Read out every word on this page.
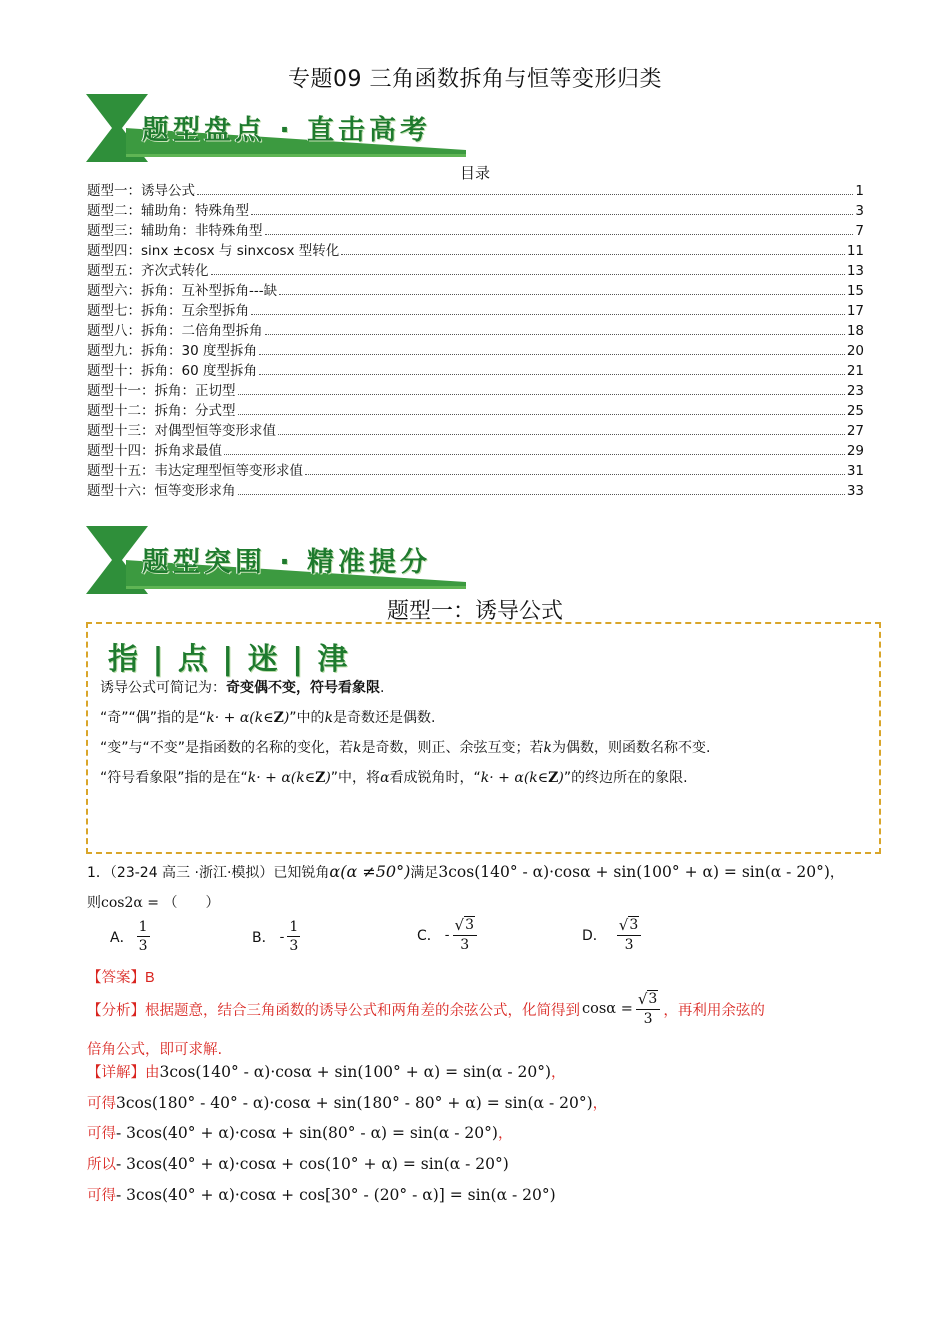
专题09 三角函数拆角与恒等变形归类
题型盘点 · 直击高考
目录
题型一：诱导公式	1
题型二：辅助角：特殊角型	3
题型三：辅助角：非特殊角型	7
题型四：sinx ±cosx 与 sinxcosx 型转化	11
题型五：齐次式转化	13
题型六：拆角：互补型拆角---缺	15
题型七：拆角：互余型拆角	17
题型八：拆角：二倍角型拆角	18
题型九：拆角：30 度型拆角	20
题型十：拆角：60 度型拆角	21
题型十一：拆角：正切型	23
题型十二：拆角：分式型	25
题型十三：对偶型恒等变形求值	27
题型十四：拆角求最值	29
题型十五：韦达定理型恒等变形求值	31
题型十六：恒等变形求角	33
题型突围 · 精准提分
题型一：诱导公式
指 | 点 | 迷 | 津
诱导公式可简记为：奇变偶不变，符号看象限.
“奇”“偶”指的是“k· + α(k∈Z)”中的k是奇数还是偶数.
“变”与“不变”是指函数的名称的变化，若k是奇数，则正、余弦互变；若k为偶数，则函数名称不变.
“符号看象限”指的是在“k· + α(k∈Z)”中，将α看成锐角时，“k· + α(k∈Z)”的终边所在的象限.
1．（23-24 高三 ·浙江·模拟）已知锐角α(α ≠50°)满足3cos(140° - α)·cosα + sin(100° + α) = sin(α - 20°)，
则cos2α = （　　）
A． $\frac{1}{3}$	B． - $\frac{1}{3}$	C． - $\frac{√ 3}{3}$	D． $\frac{√ 3}{3}$
【答案】B
【分析】 根据题意，结合三角函数的诱导公式和两角差的余弦公式，化简得到 $\cos\alpha = \frac{√ 3}{3}$ ，再利用余弦的
倍角公式，即可求解.
【详解】由3cos(140° - α)·cosα + sin(100° + α) = sin(α - 20°)，
可得3cos(180° - 40° - α)·cosα + sin(180° - 80° + α) = sin(α - 20°)，
可得- 3cos(40° + α)·cosα + sin(80° - α) = sin(α - 20°)，
所以- 3cos(40° + α)·cosα + cos(10° + α) = sin(α - 20°)
可得- 3cos(40° + α)·cosα + cos[30° - (20° - α)] = sin(α - 20°)
